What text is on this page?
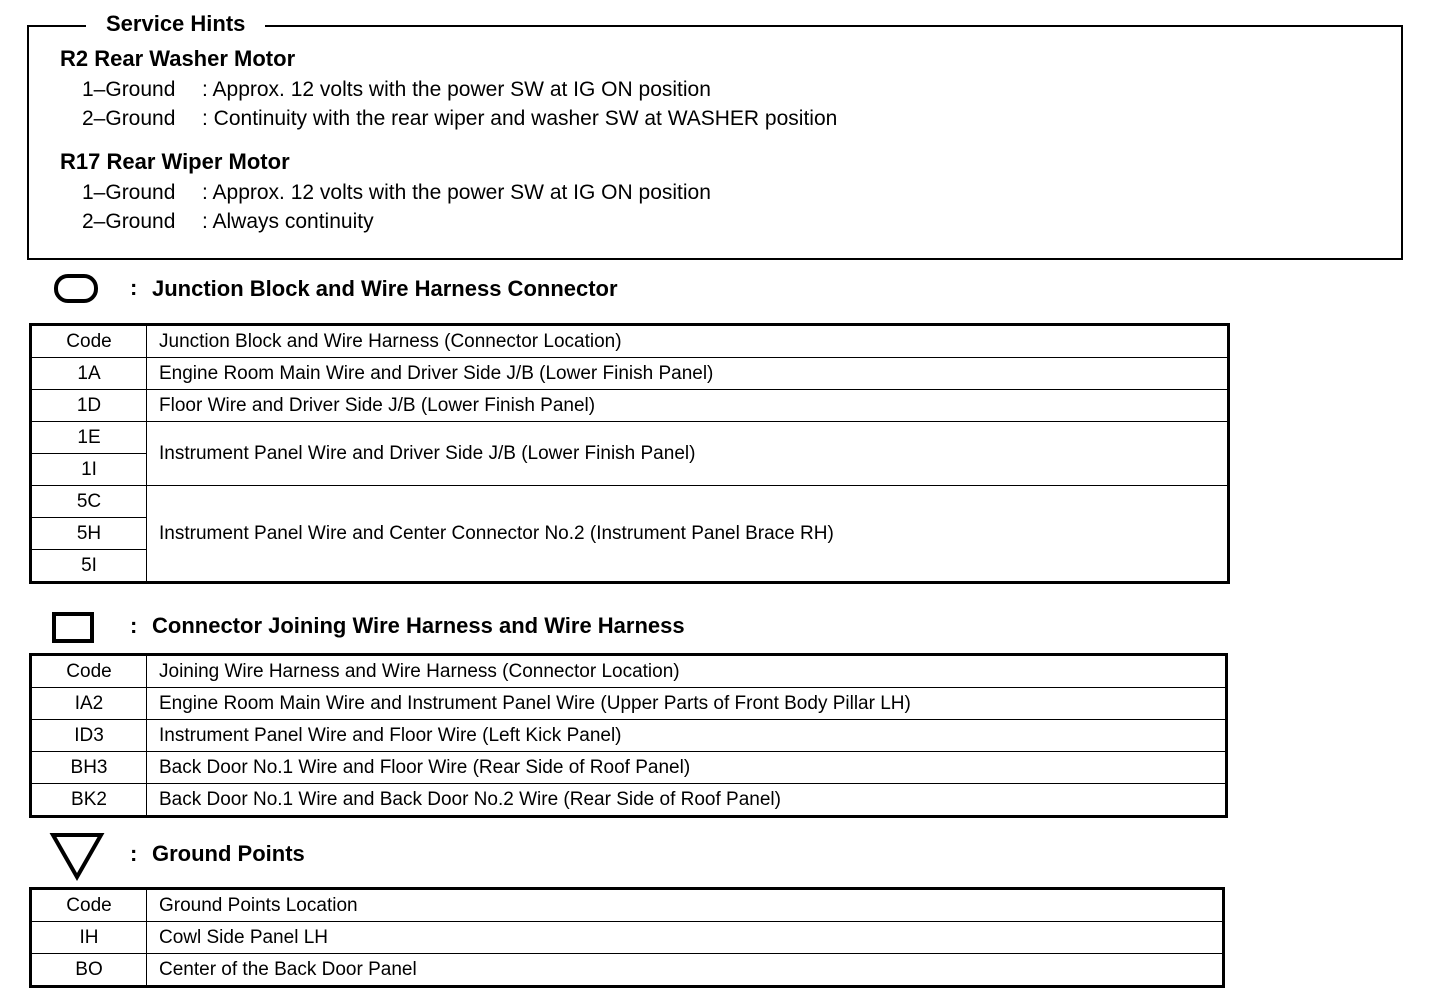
Service Hints
R2 Rear Washer Motor
1–Ground : Approx. 12 volts with the power SW at IG ON position
2–Ground : Continuity with the rear wiper and washer SW at WASHER position
R17 Rear Wiper Motor
1–Ground : Approx. 12 volts with the power SW at IG ON position
2–Ground : Always continuity
: Junction Block and Wire Harness Connector
Code	Junction Block and Wire Harness (Connector Location)
1A	Engine Room Main Wire and Driver Side J/B (Lower Finish Panel)
1D	Floor Wire and Driver Side J/B (Lower Finish Panel)
1E	Instrument Panel Wire and Driver Side J/B (Lower Finish Panel)
1I	
5C	Instrument Panel Wire and Center Connector No.2 (Instrument Panel Brace RH)
5H	
5I	
: Connector Joining Wire Harness and Wire Harness
Code	Joining Wire Harness and Wire Harness (Connector Location)
IA2	Engine Room Main Wire and Instrument Panel Wire (Upper Parts of Front Body Pillar LH)
ID3	Instrument Panel Wire and Floor Wire (Left Kick Panel)
BH3	Back Door No.1 Wire and Floor Wire (Rear Side of Roof Panel)
BK2	Back Door No.1 Wire and Back Door No.2 Wire (Rear Side of Roof Panel)
: Ground Points
Code	Ground Points Location
IH	Cowl Side Panel LH
BO	Center of the Back Door Panel
